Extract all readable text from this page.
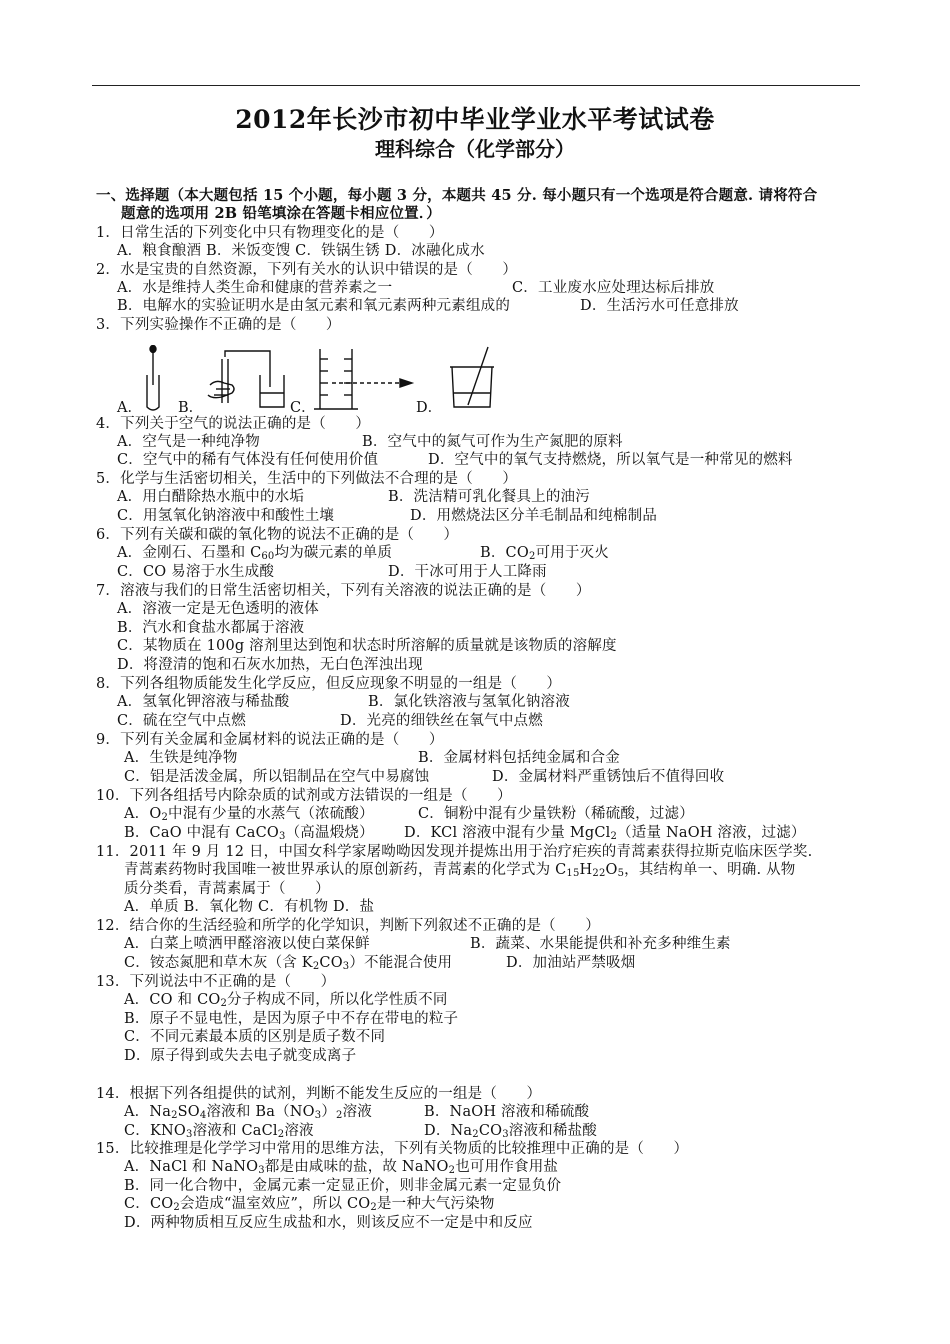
2012年长沙市初中毕业学业水平考试试卷
理科综合（化学部分）
一、选择题（本大题包括 15 个小题，每小题 3 分，本题共 45 分. 每小题只有一个选项是符合题意. 请将符合
题意的选项用 2B 铅笔填涂在答题卡相应位置．）
1．日常生活的下列变化中只有物理变化的是（　　）
A．粮食酿酒 B．米饭变馊 C．铁锅生锈 D．冰融化成水
2．水是宝贵的自然资源，下列有关水的认识中错误的是（　　）
A．水是维持人类生命和健康的营养素之一	C．工业废水应处理达标后排放
B．电解水的实验证明水是由氢元素和氧元素两种元素组成的	D．生活污水可任意排放
3．下列实验操作不正确的是（　　）
A． B．	C．	D．
4．下列关于空气的说法正确的是（　　）
A．空气是一种纯净物	B．空气中的氮气可作为生产氮肥的原料
C．空气中的稀有气体没有任何使用价值	D．空气中的氧气支持燃烧，所以氧气是一种常见的燃料
5．化学与生活密切相关，生活中的下列做法不合理的是（　　）
A．用白醋除热水瓶中的水垢	B．洗洁精可乳化餐具上的油污
C．用氢氧化钠溶液中和酸性土壤	D．用燃烧法区分羊毛制品和纯棉制品
6．下列有关碳和碳的氧化物的说法不正确的是（　　）
A．金刚石、石墨和 $C_{60}$均为碳元素的单质	B．$CO_2$可用于灭火
C．CO 易溶于水生成酸	D．干冰可用于人工降雨
7．溶液与我们的日常生活密切相关，下列有关溶液的说法正确的是（　　）
A．溶液一定是无色透明的液体
B．汽水和食盐水都属于溶液
C．某物质在 100g 溶剂里达到饱和状态时所溶解的质量就是该物质的溶解度
D．将澄清的饱和石灰水加热，无白色浑浊出现
8．下列各组物质能发生化学反应，但反应现象不明显的一组是（　　）
A．氢氧化钾溶液与稀盐酸	B．氯化铁溶液与氢氧化钠溶液
C．硫在空气中点燃	D．光亮的细铁丝在氧气中点燃
9．下列有关金属和金属材料的说法正确的是（　　）
A．生铁是纯净物	B．金属材料包括纯金属和合金
C．铝是活泼金属，所以铝制品在空气中易腐蚀	D．金属材料严重锈蚀后不值得回收
10．下列各组括号内除杂质的试剂或方法错误的一组是（　　）
A．$O_2$中混有少量的水蒸气（浓硫酸）	C．铜粉中混有少量铁粉（稀硫酸，过滤）
B．CaO 中混有 CaCO$_3$（高温煅烧） D．KCl 溶液中混有少量 MgCl$_2$（适量 NaOH 溶液，过滤）
11．2011 年 9 月 12 日，中国女科学家屠呦呦因发现并提炼出用于治疗疟疾的青蒿素获得拉斯克临床医学奖.
青蒿素药物时我国唯一被世界承认的原创新药，青蒿素的化学式为 $C_{15}H_{22}O_5$，其结构单一、明确. 从物
质分类看，青蒿素属于（　　）
A．单质 B．氧化物 C．有机物 D．盐
12．结合你的生活经验和所学的化学知识，判断下列叙述不正确的是（　　）
A．白菜上喷洒甲醛溶液以使白菜保鲜	B．蔬菜、水果能提供和补充多种维生素
C．铵态氮肥和草木灰（含 $K_2CO_3$）不能混合使用	D．加油站严禁吸烟
13．下列说法中不正确的是（　　）
A．CO 和 $CO_2$分子构成不同，所以化学性质不同
B．原子不显电性，是因为原子中不存在带电的粒子
C．不同元素最本质的区别是质子数不同
D．原子得到或失去电子就变成离子
14．根据下列各组提供的试剂，判断不能发生反应的一组是（　　）
A．$Na_2SO_4$溶液和 $Ba(NO_3)_2$溶液	B．NaOH 溶液和稀硫酸
C．$KNO_3$溶液和 CaCl$_2$溶液	D．$Na_2CO_3$溶液和稀盐酸
15．比较推理是化学学习中常用的思维方法，下列有关物质的比较推理中正确的是（　　）
A．NaCl 和 NaNO$_3$都是由咸味的盐，故 NaNO$_2$也可用作食用盐
B．同一化合物中，金属元素一定显正价，则非金属元素一定显负价
C．$CO_2$会造成“温室效应”，所以 $CO_2$是一种大气污染物
D．两种物质相互反应生成盐和水，则该反应不一定是中和反应
